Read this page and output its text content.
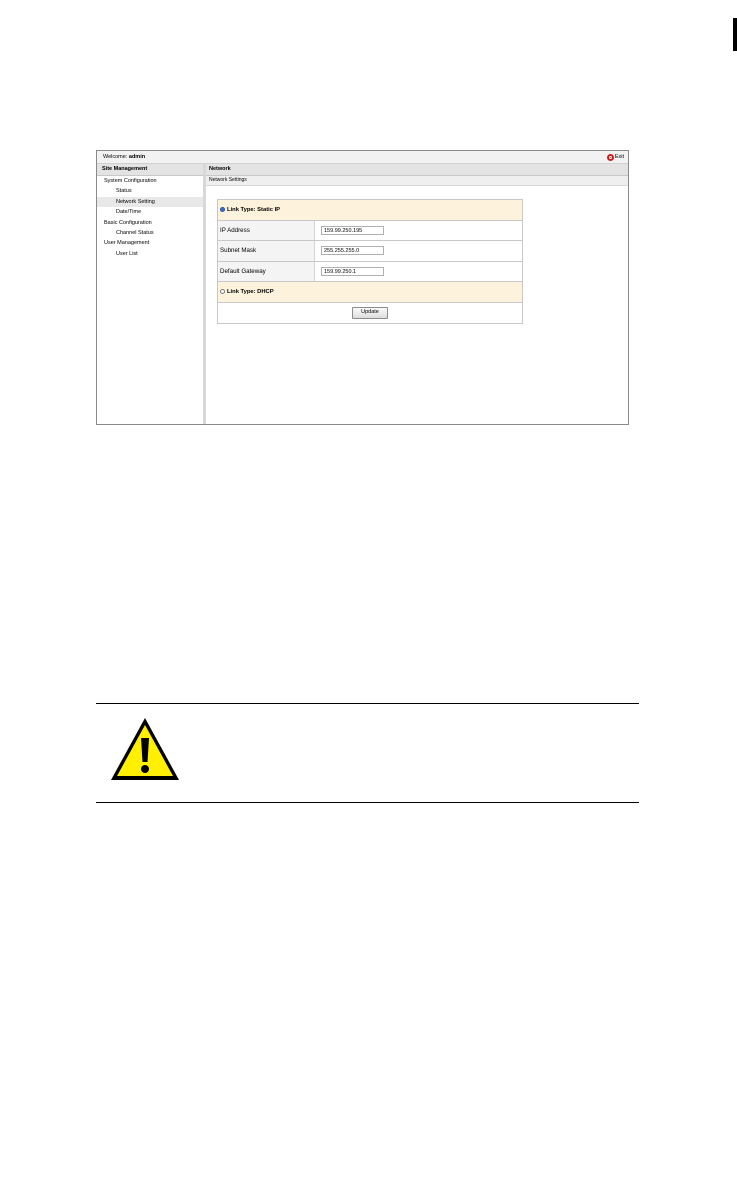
Welcome: admin	Exit
Site Management
System Configuration
Status
Network Setting
Date/Time
Basic Configuration
Channel Status
User Management
User List
Network
Network Settings
Link Type: Static IP
IP Address	159.99.250.195
Subnet Mask	255.255.255.0
Default Gateway	159.99.250.1
Link Type: DHCP
Update
